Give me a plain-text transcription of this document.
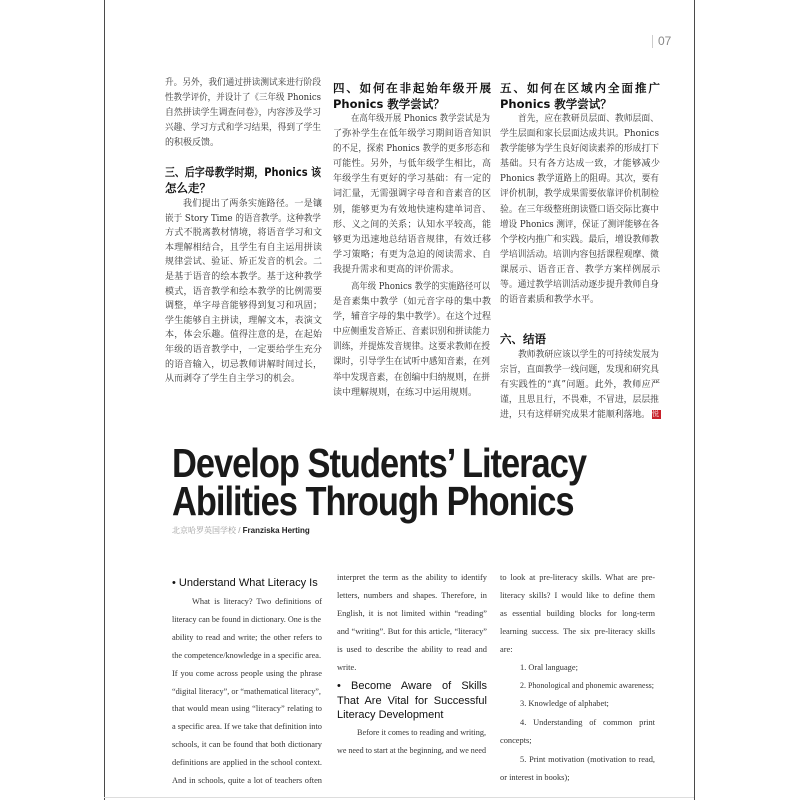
07
升。另外，我们通过拼读测试来进行阶段
性教学评价，并设计了《三年级 Phonics
自然拼读学生调查问卷》，内容涉及学习
兴趣、学习方式和学习结果，得到了学生
的积极反馈。
三、后字母教学时期，Phonics 该
怎么走？
我们提出了两条实施路径。一是镶
嵌于 Story Time 的语音教学。这种教学
方式不脱离教材情境，将语音学习和文
本理解相结合，且学生有自主运用拼读
规律尝试、验证、矫正发音的机会。二
是基于语音的绘本教学。基于这种教学
模式，语音教学和绘本教学的比例需要
调整，单字母音能够得到复习和巩固；
学生能够自主拼读，理解文本，表演文
本，体会乐趣。值得注意的是，在起始
年级的语音教学中，一定要给学生充分
的语音输入，切忌教师讲解时间过长，
从而剥夺了学生自主学习的机会。
四、如何在非起始年级开展
Phonics 教学尝试？
在高年级开展 Phonics 教学尝试是为
了弥补学生在低年级学习期间语音知识
的不足，探索 Phonics 教学的更多形态和
可能性。另外，与低年级学生相比，高
年级学生有更好的学习基础：有一定的
词汇量，无需强调字母音和音素音的区
别，能够更为有效地快速构建单词音、
形、义之间的关系；认知水平较高，能
够更为迅速地总结语音规律，有效迁移
学习策略；有更为急迫的阅读需求、自
我提升需求和更高的评价需求。
高年级 Phonics 教学的实施路径可以
是音素集中教学（如元音字母的集中教
学，辅音字母的集中教学）。在这个过程
中应侧重发音矫正、音素识别和拼读能力
训练，并提炼发音规律。这要求教师在授
课时，引导学生在试听中感知音素，在列
举中发现音素，在创编中归纳规则，在拼
读中理解规则，在练习中运用规则。
五、如何在区域内全面推广
Phonics 教学尝试？
首先，应在教研员层面、教师层面、
学生层面和家长层面达成共识。Phonics
教学能够为学生良好阅读素养的形成打下
基础。只有各方达成一致，才能够减少
Phonics 教学道路上的阻碍。其次，要有
评价机制，教学成果需要依靠评价机制检
验。在三年级整班朗读暨口语交际比赛中
增设 Phonics 测评，保证了测评能够在各
个学校内推广和实践。最后，增设教师教
学培训活动。培训内容包括课程观摩、微
课展示、语音正音、教学方案样例展示
等。通过教学培训活动逐步提升教师自身
的语音素质和教学水平。
六、结语
教师教研应该以学生的可持续发展为
宗旨，直面教学一线问题，发现和研究具
有实践性的“真”问题。此外，教师应严
谨，且思且行，不畏难，不冒进，层层推
进，只有这样研究成果才能顺利落地。 悦
Develop Students’ Literacy
Abilities Through Phonics
北京哈罗英国学校 / Franziska Herting
• Understand What Literacy Is
What is literacy? Two definitions of
literacy can be found in dictionary. One is the
ability to read and write; the other refers to
the competence/knowledge in a specific area.
If you come across people using the phrase
“digital literacy”, or “mathematical literacy”,
that would mean using “literacy” relating to
a specific area. If we take that definition into
schools, it can be found that both dictionary
definitions are applied in the school context.
And in schools, quite a lot of teachers often
interpret the term as the ability to identify
letters, numbers and shapes. Therefore, in
English, it is not limited within “reading”
and “writing”. But for this article, “literacy”
is used to describe the ability to read and
write.
• Become Aware of Skills
That Are Vital for Successful
Literacy Development
Before it comes to reading and writing,
we need to start at the beginning, and we need
to look at pre-literacy skills. What are pre-
literacy skills? I would like to define them
as essential building blocks for long-term
learning success. The six pre-literacy skills
are:
1. Oral language;
2. Phonological and phonemic awareness;
3. Knowledge of alphabet;
4. Understanding of common print
concepts;
5. Print motivation (motivation to read,
or interest in books);
